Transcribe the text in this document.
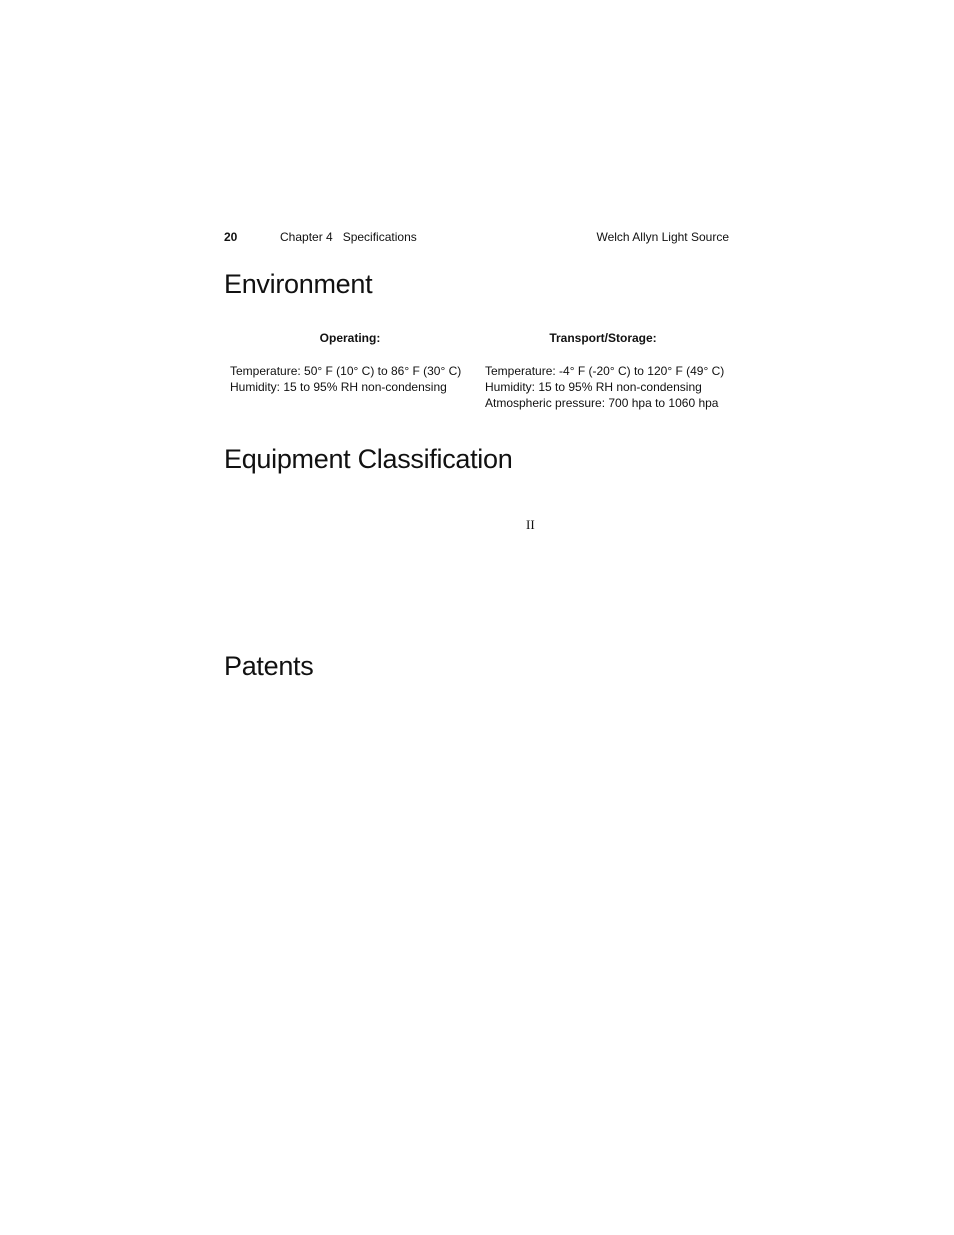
20	Chapter 4   Specifications	Welch Allyn Light Source
Environment
Operating:
Temperature: 50° F (10° C) to 86° F (30° C)
Humidity: 15 to 95% RH non-condensing
Transport/Storage:
Temperature: -4° F (-20° C) to 120° F (49° C)
Humidity: 15 to 95% RH non-condensing
Atmospheric pressure: 700 hpa to 1060 hpa
Equipment Classification
II
Patents
